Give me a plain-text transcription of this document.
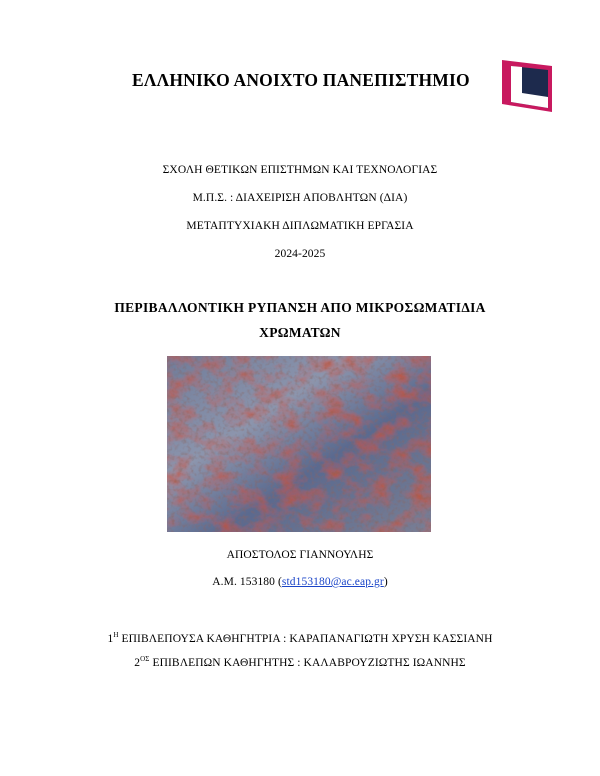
ΕΛΛΗΝΙΚΟ ΑΝΟΙΧΤΟ ΠΑΝΕΠΙΣΤΗΜΙΟ
ΣΧΟΛΗ ΘΕΤΙΚΩΝ ΕΠΙΣΤΗΜΩΝ ΚΑΙ ΤΕΧΝΟΛΟΓΙΑΣ
Μ.Π.Σ. : ΔΙΑΧΕΙΡΙΣΗ ΑΠΟΒΛΗΤΩΝ (ΔΙΑ)
ΜΕΤΑΠΤΥΧΙΑΚΗ ΔΙΠΛΩΜΑΤΙΚΗ ΕΡΓΑΣΙΑ
2024-2025
ΠΕΡΙΒΑΛΛΟΝΤΙΚΗ ΡΥΠΑΝΣΗ ΑΠΟ ΜΙΚΡΟΣΩΜΑΤΙΔΙΑ
ΧΡΩΜΑΤΩΝ
ΑΠΟΣΤΟΛΟΣ ΓΙΑΝΝΟΥΛΗΣ
Α.Μ. 153180 (std153180@ac.eap.gr)
$1^H$ ΕΠΙΒΛΕΠΟΥΣΑ ΚΑΘΗΓΗΤΡΙΑ : ΚΑΡΑΠΑΝΑΓΙΩΤΗ ΧΡΥΣΗ ΚΑΣΣΙΑΝΗ
$2^{O\Sigma}$ ΕΠΙΒΛΕΠΩΝ ΚΑΘΗΓΗΤΗΣ : ΚΑΛΑΒΡΟΥΖΙΩΤΗΣ ΙΩΑΝΝΗΣ
